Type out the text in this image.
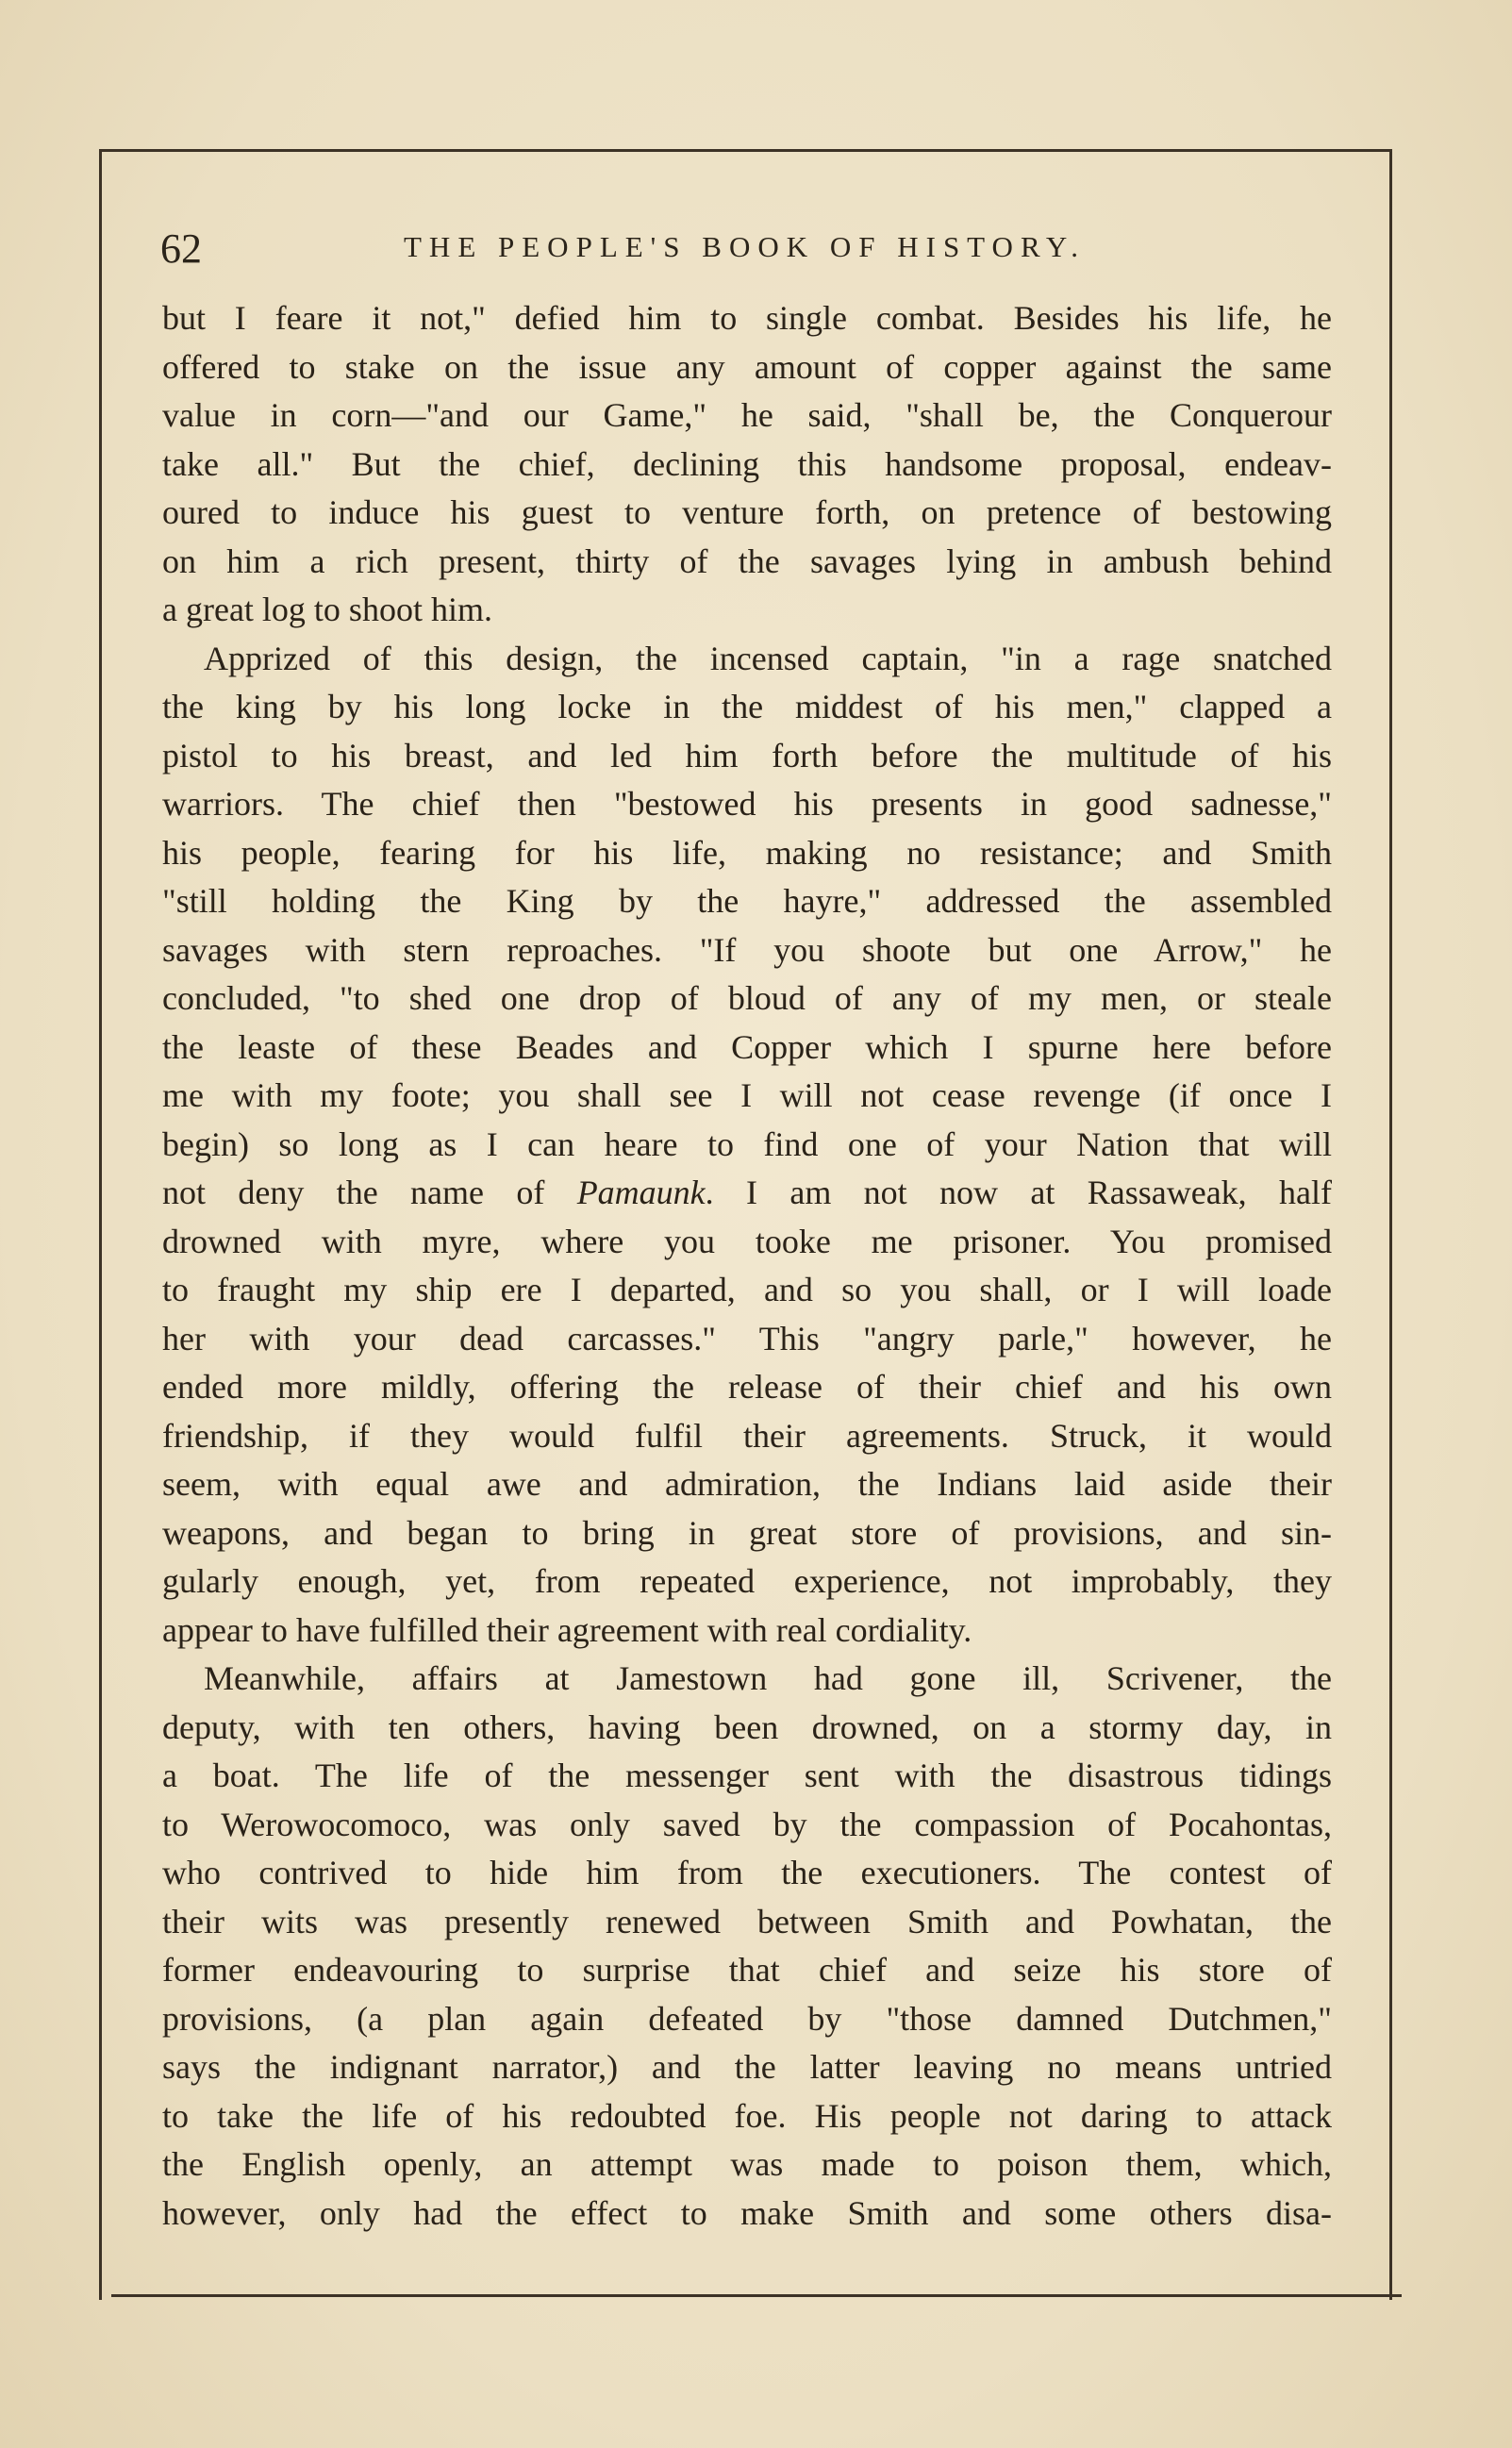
62	THE PEOPLE'S BOOK OF HISTORY.
but I feare it not," defied him to single combat. Besides his life, he
offered to stake on the issue any amount of copper against the same
value in corn—"and our Game," he said, "shall be, the Conquerour
take all." But the chief, declining this handsome proposal, endeav-
oured to induce his guest to venture forth, on pretence of bestowing
on him a rich present, thirty of the savages lying in ambush behind
a great log to shoot him.
Apprized of this design, the incensed captain, "in a rage snatched
the king by his long locke in the middest of his men," clapped a
pistol to his breast, and led him forth before the multitude of his
warriors. The chief then "bestowed his presents in good sadnesse,"
his people, fearing for his life, making no resistance; and Smith
"still holding the King by the hayre," addressed the assembled
savages with stern reproaches. "If you shoote but one Arrow," he
concluded, "to shed one drop of bloud of any of my men, or steale
the leaste of these Beades and Copper which I spurne here before
me with my foote; you shall see I will not cease revenge (if once I
begin) so long as I can heare to find one of your Nation that will
not deny the name of Pamaunk. I am not now at Rassaweak, half
drowned with myre, where you tooke me prisoner. You promised
to fraught my ship ere I departed, and so you shall, or I will loade
her with your dead carcasses." This "angry parle," however, he
ended more mildly, offering the release of their chief and his own
friendship, if they would fulfil their agreements. Struck, it would
seem, with equal awe and admiration, the Indians laid aside their
weapons, and began to bring in great store of provisions, and sin-
gularly enough, yet, from repeated experience, not improbably, they
appear to have fulfilled their agreement with real cordiality.
Meanwhile, affairs at Jamestown had gone ill, Scrivener, the
deputy, with ten others, having been drowned, on a stormy day, in
a boat. The life of the messenger sent with the disastrous tidings
to Werowocomoco, was only saved by the compassion of Pocahontas,
who contrived to hide him from the executioners. The contest of
their wits was presently renewed between Smith and Powhatan, the
former endeavouring to surprise that chief and seize his store of
provisions, (a plan again defeated by "those damned Dutchmen,"
says the indignant narrator,) and the latter leaving no means untried
to take the life of his redoubted foe. His people not daring to attack
the English openly, an attempt was made to poison them, which,
however, only had the effect to make Smith and some others disa-
